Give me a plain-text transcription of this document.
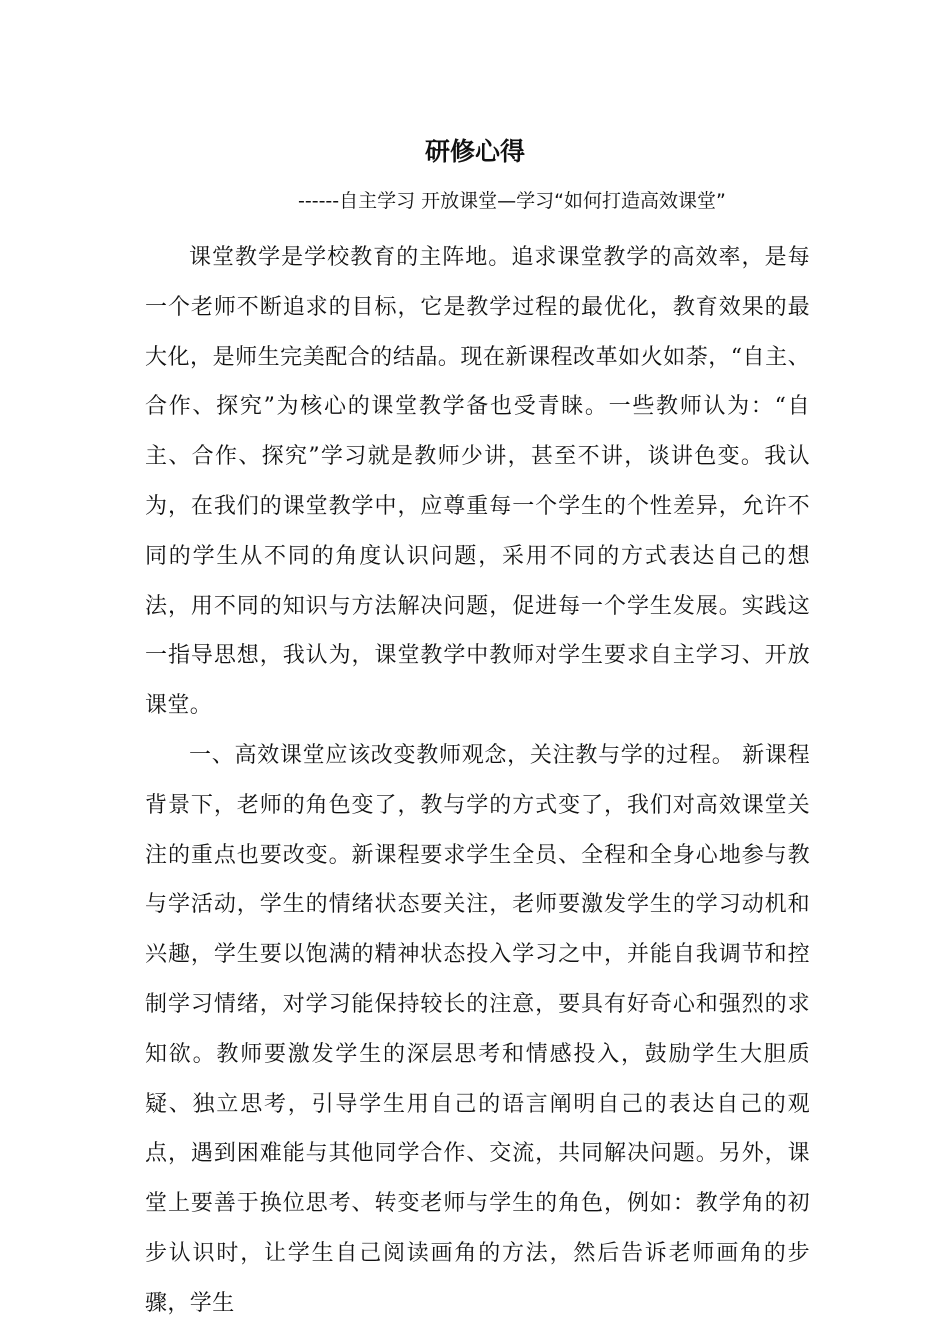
研修心得
------自主学习 开放课堂—学习“如何打造高效课堂”

课堂教学是学校教育的主阵地。追求课堂教学的高效率，是每一个老师不断追求的目标，它是教学过程的最优化，教育效果的最大化，是师生完美配合的结晶。现在新课程改革如火如荼，“自主、合作、探究”为核心的课堂教学备也受青睐。一些教师认为：“自主、合作、探究”学习就是教师少讲，甚至不讲，谈讲色变。我认为，在我们的课堂教学中，应尊重每一个学生的个性差异，允许不同的学生从不同的角度认识问题，采用不同的方式表达自己的想法，用不同的知识与方法解决问题，促进每一个学生发展。实践这一指导思想，我认为，课堂教学中教师对学生要求自主学习、开放课堂。

一、高效课堂应该改变教师观念，关注教与学的过程。 新课程背景下，老师的角色变了，教与学的方式变了，我们对高效课堂关注的重点也要改变。新课程要求学生全员、全程和全身心地参与教与学活动，学生的情绪状态要关注，老师要激发学生的学习动机和兴趣，学生要以饱满的精神状态投入学习之中，并能自我调节和控制学习情绪，对学习能保持较长的注意，要具有好奇心和强烈的求知欲。教师要激发学生的深层思考和情感投入，鼓励学生大胆质疑、独立思考，引导学生用自己的语言阐明自己的表达自己的观点，遇到困难能与其他同学合作、交流，共同解决问题。另外，课堂上要善于换位思考、转变老师与学生的角色，例如：教学角的初步认识时，让学生自己阅读画角的方法，然后告诉老师画角的步骤，学生
